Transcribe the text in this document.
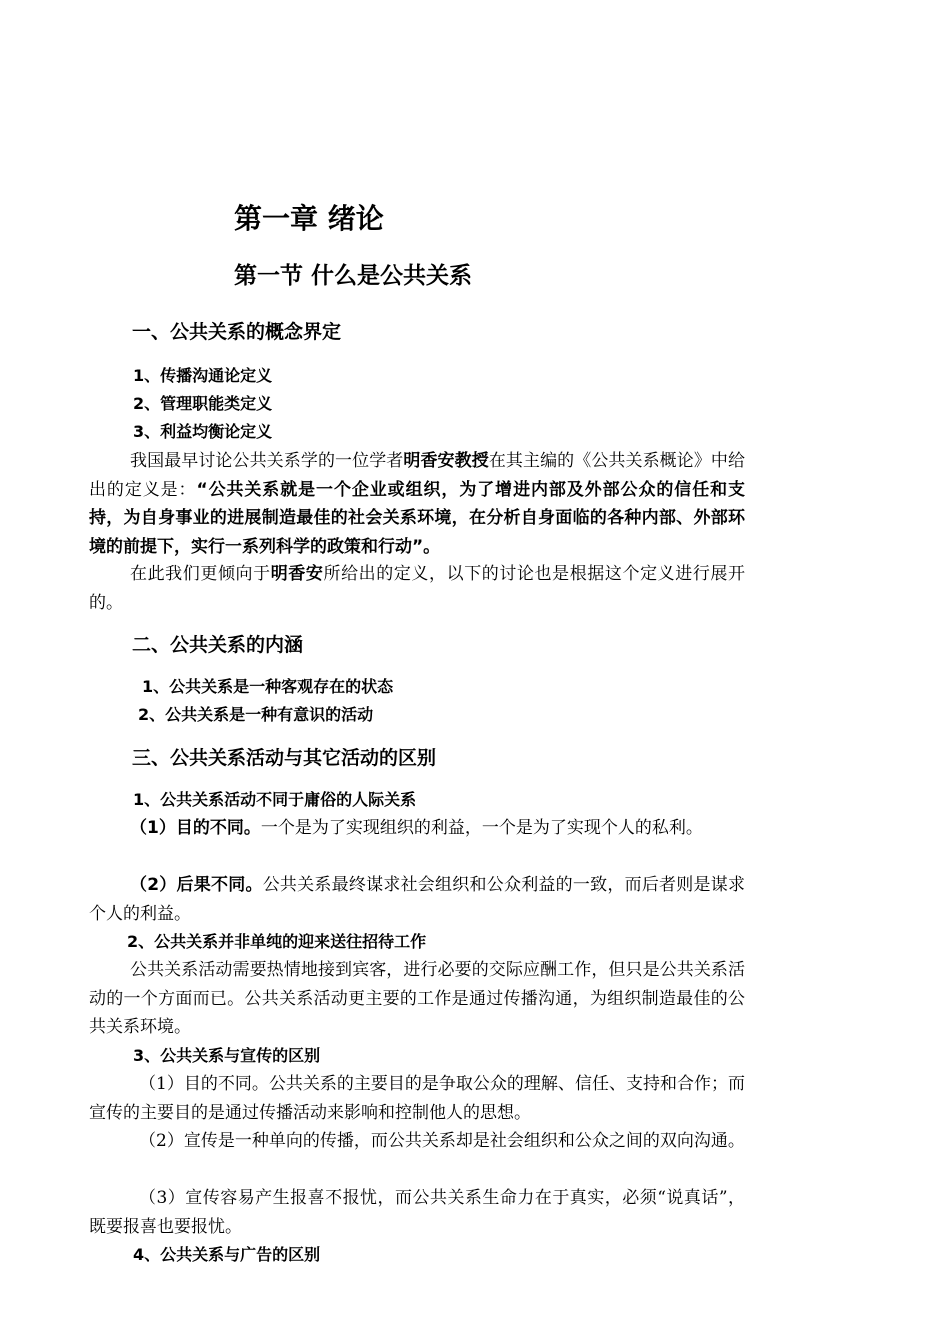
第一章 绪论
第一节 什么是公共关系
一、公共关系的概念界定
1、传播沟通论定义
2、管理职能类定义
3、利益均衡论定义
我国最早讨论公共关系学的一位学者明香安教授在其主编的《公共关系概论》中给出的定义是：“公共关系就是一个企业或组织，为了增进内部及外部公众的信任和支持，为自身事业的进展制造最佳的社会关系环境，在分析自身面临的各种内部、外部环境的前提下，实行一系列科学的政策和行动”。
在此我们更倾向于明香安所给出的定义，以下的讨论也是根据这个定义进行展开的。
二、公共关系的内涵
1、公共关系是一种客观存在的状态
2、公共关系是一种有意识的活动
三、公共关系活动与其它活动的区别
1、公共关系活动不同于庸俗的人际关系
（1）目的不同。一个是为了实现组织的利益，一个是为了实现个人的私利。
（2）后果不同。公共关系最终谋求社会组织和公众利益的一致，而后者则是谋求个人的利益。
2、公共关系并非单纯的迎来送往招待工作
公共关系活动需要热情地接到宾客，进行必要的交际应酬工作，但只是公共关系活动的一个方面而已。公共关系活动更主要的工作是通过传播沟通，为组织制造最佳的公共关系环境。
3、公共关系与宣传的区别
（1）目的不同。公共关系的主要目的是争取公众的理解、信任、支持和合作；而宣传的主要目的是通过传播活动来影响和控制他人的思想。
（2）宣传是一种单向的传播，而公共关系却是社会组织和公众之间的双向沟通。
（3）宣传容易产生报喜不报忧，而公共关系生命力在于真实，必须“说真话”，既要报喜也要报忧。
4、公共关系与广告的区别
